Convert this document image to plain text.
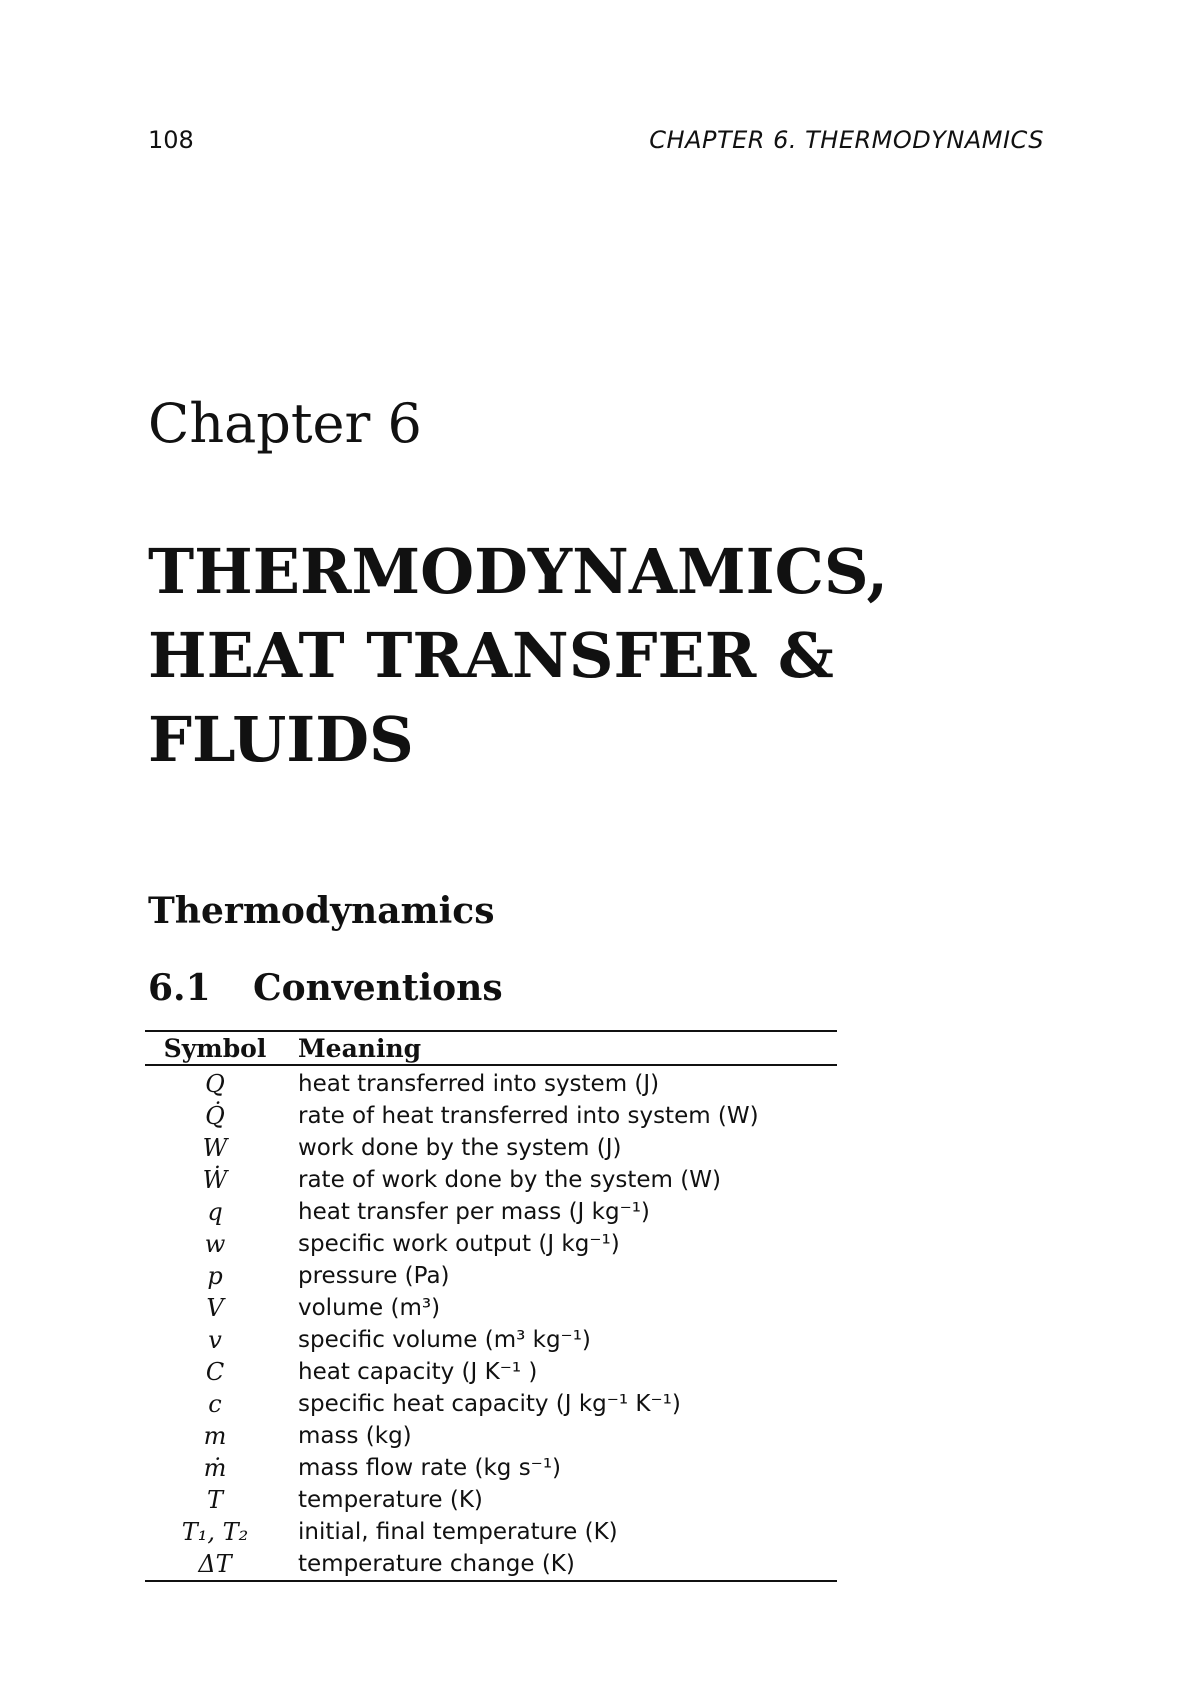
108	CHAPTER 6. THERMODYNAMICS
Chapter 6
THERMODYNAMICS,
HEAT TRANSFER &
FLUIDS
Thermodynamics
6.1 Conventions
Symbol	Meaning
Q	heat transferred into system (J)
Q̇	rate of heat transferred into system (W)
W	work done by the system (J)
Ẇ	rate of work done by the system (W)
q	heat transfer per mass (J kg⁻¹)
w	specific work output (J kg⁻¹)
p	pressure (Pa)
V	volume (m³)
v	specific volume (m³ kg⁻¹)
C	heat capacity (J K⁻¹ )
c	specific heat capacity (J kg⁻¹ K⁻¹)
m	mass (kg)
ṁ	mass flow rate (kg s⁻¹)
T	temperature (K)
T₁, T₂	initial, final temperature (K)
ΔT	temperature change (K)
